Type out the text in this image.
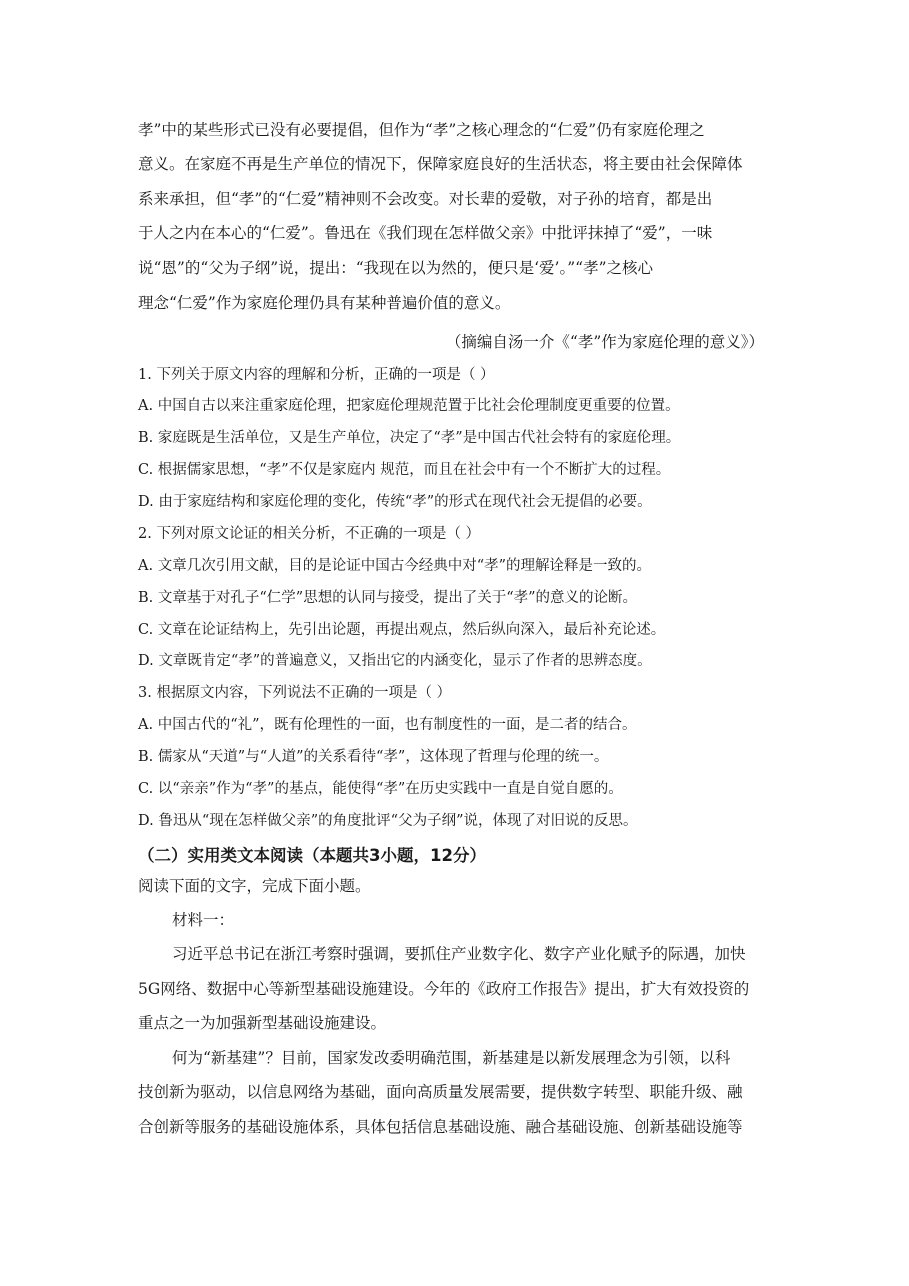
孝”中的某些形式已没有必要提倡，但作为“孝”之核心理念的“仁爱”仍有家庭伦理之
意义。在家庭不再是生产单位的情况下，保障家庭良好的生活状态，将主要由社会保障体
系来承担，但“孝”的“仁爱”精神则不会改变。对长辈的爱敬，对子孙的培育，都是出
于人之内在本心的“仁爱”。鲁迅在《我们现在怎样做父亲》中批评抹掉了“爱”，一味
说“恩”的“父为子纲”说，提出：“我现在以为然的，便只是‘爱’。”“孝”之核心
理念“仁爱”作为家庭伦理仍具有某种普遍价值的意义。
（摘编自汤一介《“孝”作为家庭伦理的意义》）
1. 下列关于原文内容的理解和分析，正确的一项是（ ）
A. 中国自古以来注重家庭伦理，把家庭伦理规范置于比社会伦理制度更重要的位置。
B. 家庭既是生活单位，又是生产单位，决定了“孝”是中国古代社会特有的家庭伦理。
C. 根据儒家思想，“孝”不仅是家庭内 规范，而且在社会中有一个不断扩大的过程。
D. 由于家庭结构和家庭伦理的变化，传统“孝”的形式在现代社会无提倡的必要。
2. 下列对原文论证的相关分析，不正确的一项是（ ）
A. 文章几次引用文献，目的是论证中国古今经典中对“孝”的理解诠释是一致的。
B. 文章基于对孔子“仁学”思想的认同与接受，提出了关于“孝”的意义的论断。
C. 文章在论证结构上，先引出论题，再提出观点，然后纵向深入，最后补充论述。
D. 文章既肯定“孝”的普遍意义，又指出它的内涵变化，显示了作者的思辨态度。
3. 根据原文内容，下列说法不正确的一项是（ ）
A. 中国古代的“礼”，既有伦理性的一面，也有制度性的一面，是二者的结合。
B. 儒家从“天道”与“人道”的关系看待“孝”，这体现了哲理与伦理的统一。
C. 以“亲亲”作为“孝”的基点，能使得“孝”在历史实践中一直是自觉自愿的。
D. 鲁迅从“现在怎样做父亲”的角度批评“父为子纲”说，体现了对旧说的反思。
（二）实用类文本阅读（本题共3小题，12分）
阅读下面的文字，完成下面小题。
材料一：
习近平总书记在浙江考察时强调，要抓住产业数字化、数字产业化赋予的际遇，加快
5G网络、数据中心等新型基础设施建设。今年的《政府工作报告》提出，扩大有效投资的
重点之一为加强新型基础设施建设。
何为“新基建”？目前，国家发改委明确范围，新基建是以新发展理念为引领，以科
技创新为驱动，以信息网络为基础，面向高质量发展需要，提供数字转型、职能升级、融
合创新等服务的基础设施体系，具体包括信息基础设施、融合基础设施、创新基础设施等
